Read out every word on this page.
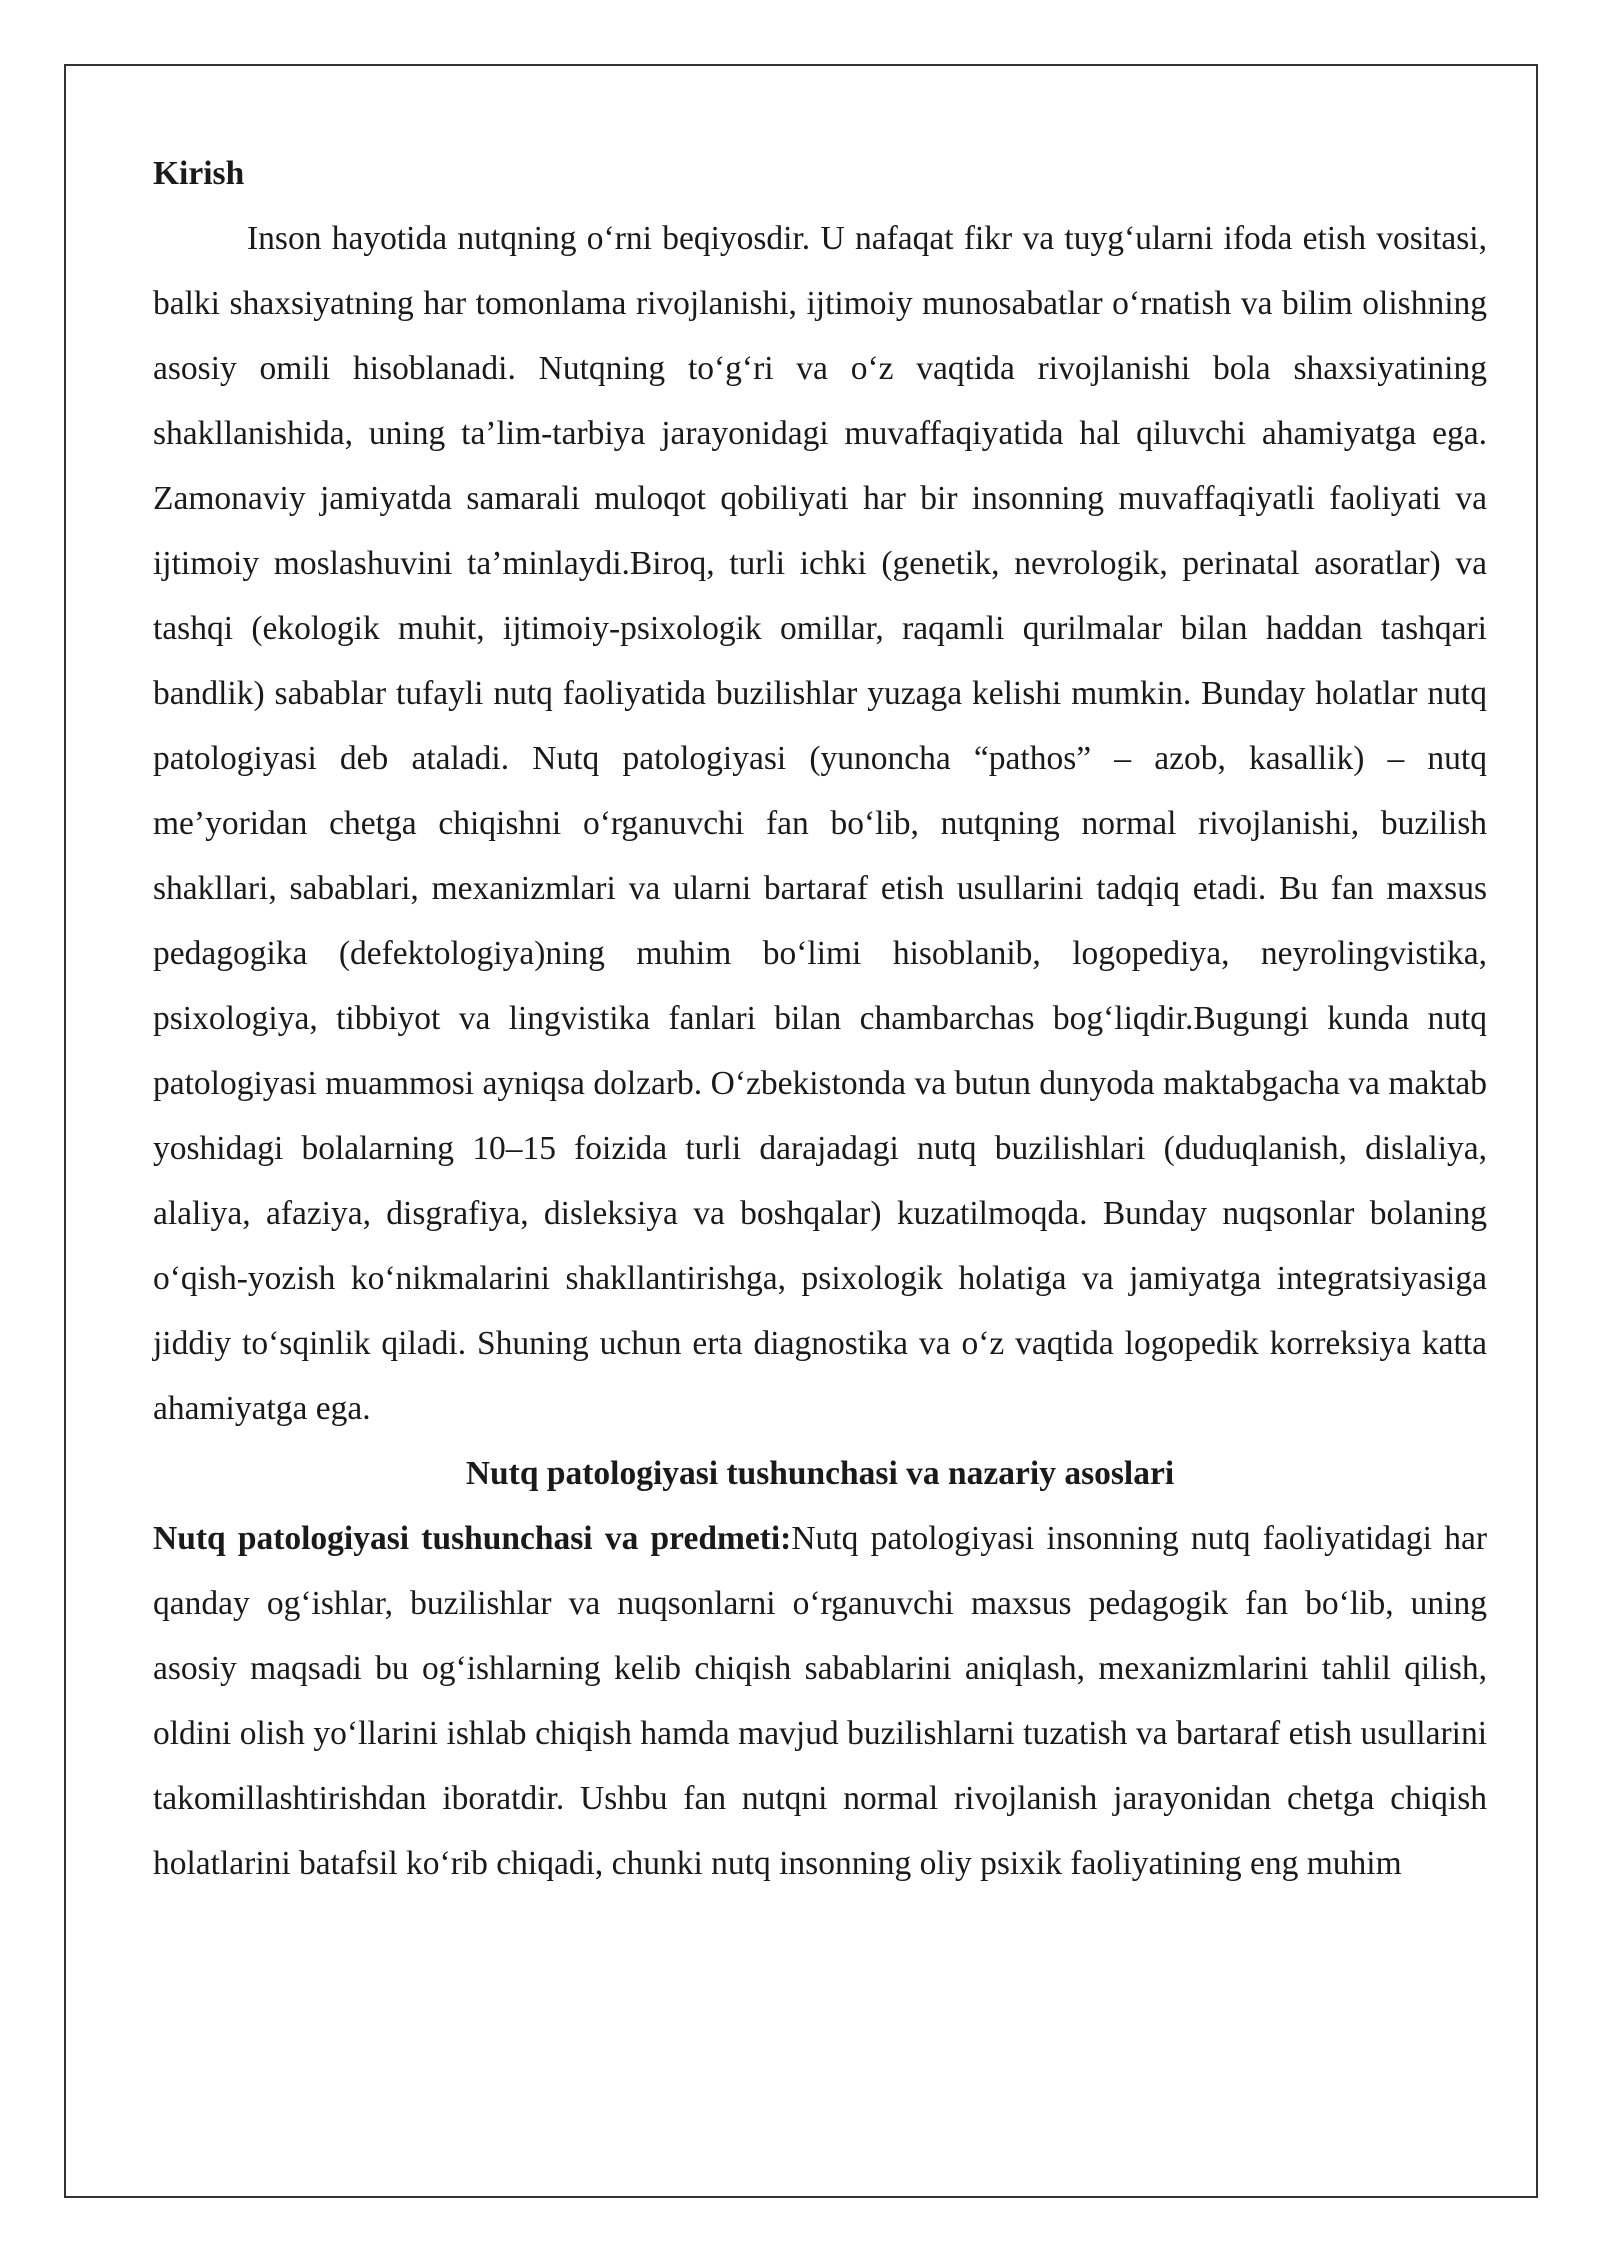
Kirish

Inson hayotida nutqning o‘rni beqiyosdir. U nafaqat fikr va tuyg‘ularni ifoda etish vositasi, balki shaxsiyatning har tomonlama rivojlanishi, ijtimoiy munosabatlar o‘rnatish va bilim olishning asosiy omili hisoblanadi. Nutqning to‘g‘ri va o‘z vaqtida rivojlanishi bola shaxsiyatining shakllanishida, uning ta’lim-tarbiya jarayonidagi muvaffaqiyatida hal qiluvchi ahamiyatga ega. Zamonaviy jamiyatda samarali muloqot qobiliyati har bir insonning muvaffaqiyatli faoliyati va ijtimoiy moslashuvini ta’minlaydi.Biroq, turli ichki (genetik, nevrologik, perinatal asoratlar) va tashqi (ekologik muhit, ijtimoiy-psixologik omillar, raqamli qurilmalar bilan haddan tashqari bandlik) sabablar tufayli nutq faoliyatida buzilishlar yuzaga kelishi mumkin. Bunday holatlar nutq patologiyasi deb ataladi. Nutq patologiyasi (yunoncha “pathos” – azob, kasallik) – nutq me’yoridan chetga chiqishni o‘rganuvchi fan bo‘lib, nutqning normal rivojlanishi, buzilish shakllari, sabablari, mexanizmlari va ularni bartaraf etish usullarini tadqiq etadi. Bu fan maxsus pedagogika (defektologiya)ning muhim bo‘limi hisoblanib, logopediya, neyrolingvistika, psixologiya, tibbiyot va lingvistika fanlari bilan chambarchas bog‘liqdir.Bugungi kunda nutq patologiyasi muammosi ayniqsa dolzarb. O‘zbekistonda va butun dunyoda maktabgacha va maktab yoshidagi bolalarning 10–15 foizida turli darajadagi nutq buzilishlari (duduqlanish, dislaliya, alaliya, afaziya, disgrafiya, disleksiya va boshqalar) kuzatilmoqda. Bunday nuqsonlar bolaning o‘qish-yozish ko‘nikmalarini shakllantirishga, psixologik holatiga va jamiyatga integratsiyasiga jiddiy to‘sqinlik qiladi. Shuning uchun erta diagnostika va o‘z vaqtida logopedik korreksiya katta ahamiyatga ega.

Nutq patologiyasi tushunchasi va nazariy asoslari

Nutq patologiyasi tushunchasi va predmeti:Nutq patologiyasi insonning nutq faoliyatidagi har qanday og‘ishlar, buzilishlar va nuqsonlarni o‘rganuvchi maxsus pedagogik fan bo‘lib, uning asosiy maqsadi bu og‘ishlarning kelib chiqish sabablarini aniqlash, mexanizmlarini tahlil qilish, oldini olish yo‘llarini ishlab chiqish hamda mavjud buzilishlarni tuzatish va bartaraf etish usullarini takomillashtirishdan iboratdir. Ushbu fan nutqni normal rivojlanish jarayonidan chetga chiqish holatlarini batafsil ko‘rib chiqadi, chunki nutq insonning oliy psixik faoliyatining eng muhim
